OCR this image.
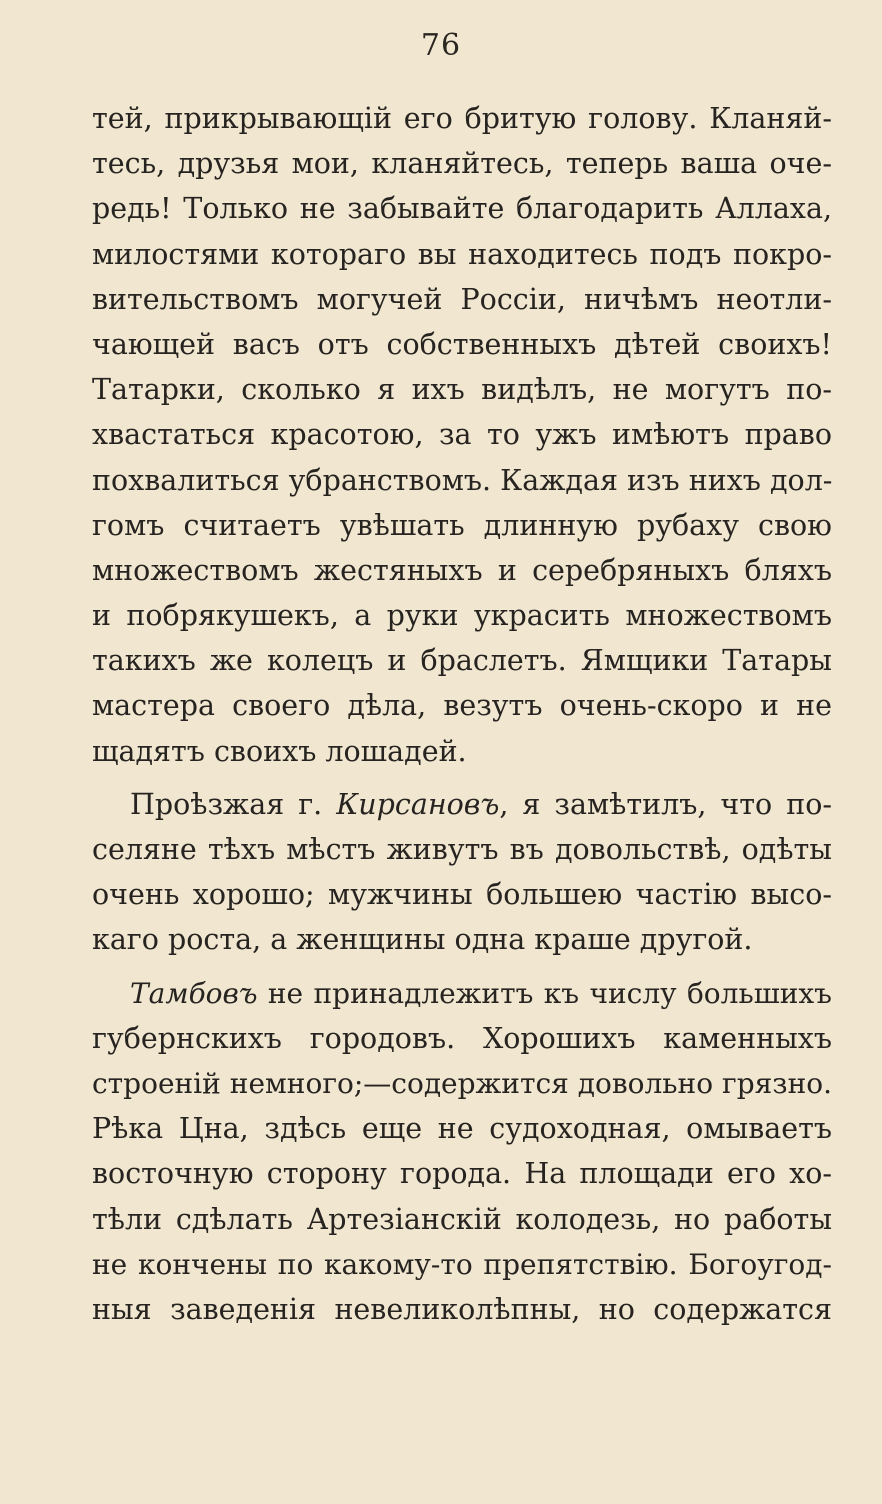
76
тей, прикрывающій его бритую голову. Кланяй-
тесь, друзья мои, кланяйтесь, теперь ваша оче-
редь! Только не забывайте благодарить Аллаха,
милостями котораго вы находитесь подъ покро-
вительствомъ могучей Россіи, ничѣмъ неотли-
чающей васъ отъ собственныхъ дѣтей своихъ!
Татарки, сколько я ихъ видѣлъ, не могутъ по-
хвастаться красотою, за то ужъ имѣютъ право
похвалиться убранствомъ. Каждая изъ нихъ дол-
гомъ считаетъ увѣшать длинную рубаху свою
множествомъ жестяныхъ и серебряныхъ бляхъ
и побрякушекъ, а руки украсить множествомъ
такихъ же колецъ и браслетъ. Ямщики Татары
мастера своего дѣла, везутъ очень-скоро и не
щадятъ своихъ лошадей.
Проѣзжая г. Кирсановъ, я замѣтилъ, что по-
селяне тѣхъ мѣстъ живутъ въ довольствѣ, одѣты
очень хорошо; мужчины большею частію высо-
каго роста, а женщины одна краше другой.
Тамбовъ не принадлежитъ къ числу большихъ
губернскихъ городовъ. Хорошихъ каменныхъ
строеній немного;—содержится довольно грязно.
Рѣка Цна, здѣсь еще не судоходная, омываетъ
восточную сторону города. На площади его хо-
тѣли сдѣлать Артезіанскій колодезь, но работы
не кончены по какому-то препятствію. Богоугод-
ныя заведенія невеликолѣпны, но содержатся
